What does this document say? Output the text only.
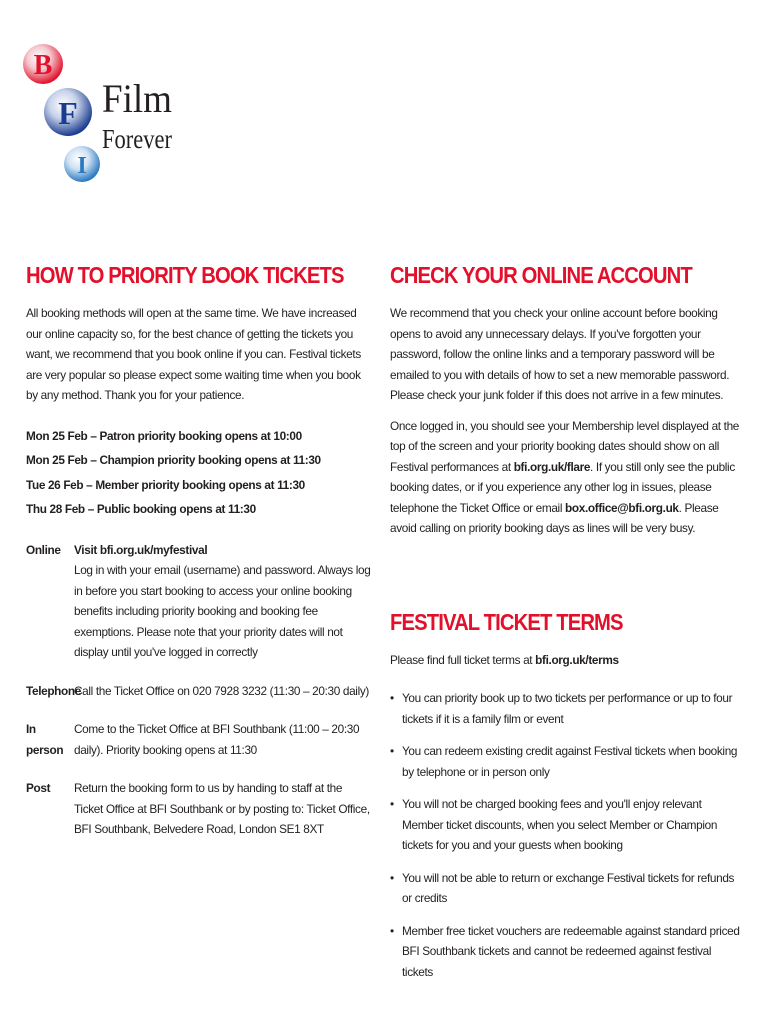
B
F
I
Film
Forever
HOW TO PRIORITY BOOK TICKETS

All booking methods will open at the same time. We have increased our online capacity so, for the best chance of getting the tickets you want, we recommend that you book online if you can. Festival tickets are very popular so please expect some waiting time when you book by any method. Thank you for your patience.

Mon 25 Feb – Patron priority booking opens at 10:00
Mon 25 Feb – Champion priority booking opens at 11:30
Tue 26 Feb – Member priority booking opens at 11:30
Thu 28 Feb – Public booking opens at 11:30
Online	Visit bfi.org.uk/myfestival
Log in with your email (username) and password. Always log in before you start booking to access your online booking benefits including priority booking and booking fee exemptions. Please note that your priority dates will not display until you've logged in correctly
Telephone
Call the Ticket Office on 020 7928 3232 (11:30 – 20:30 daily)
In person
Come to the Ticket Office at BFI Southbank (11:00 – 20:30 daily). Priority booking opens at 11:30
Post	Return the booking form to us by handing to staff at the Ticket Office at BFI Southbank or by posting to: Ticket Office, BFI Southbank, Belvedere Road, London SE1 8XT
CHECK YOUR ONLINE ACCOUNT

We recommend that you check your online account before booking opens to avoid any unnecessary delays. If you've forgotten your password, follow the online links and a temporary password will be emailed to you with details of how to set a new memorable password. Please check your junk folder if this does not arrive in a few minutes.

Once logged in, you should see your Membership level displayed at the top of the screen and your priority booking dates should show on all Festival performances at bfi.org.uk/flare. If you still only see the public booking dates, or if you experience any other log in issues, please telephone the Ticket Office or email box.office@bfi.org.uk. Please avoid calling on priority booking days as lines will be very busy.

FESTIVAL TICKET TERMS

Please find full ticket terms at bfi.org.uk/terms

• You can priority book up to two tickets per performance or up to four tickets if it is a family film or event
• You can redeem existing credit against Festival tickets when booking by telephone or in person only
• You will not be charged booking fees and you'll enjoy relevant Member ticket discounts, when you select Member or Champion tickets for you and your guests when booking
• You will not be able to return or exchange Festival tickets for refunds or credits
• Member free ticket vouchers are redeemable against standard priced BFI Southbank tickets and cannot be redeemed against festival tickets
